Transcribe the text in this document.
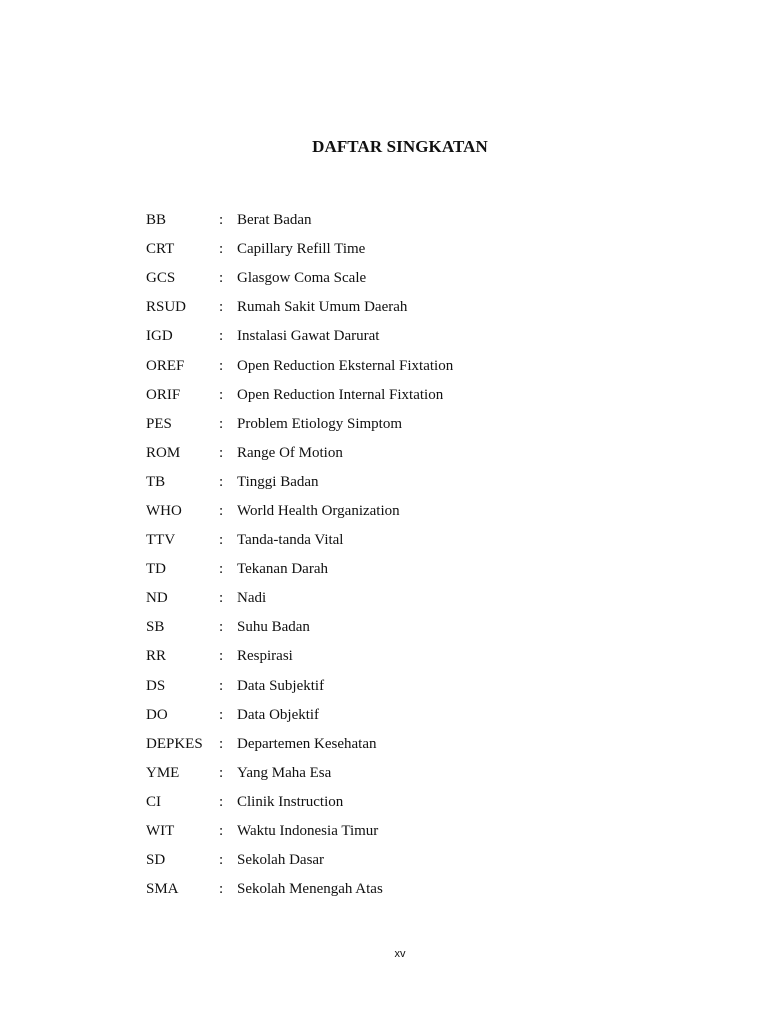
DAFTAR SINGKATAN
BB	: Berat Badan
CRT	: Capillary Refill Time
GCS	: Glasgow Coma Scale
RSUD	: Rumah Sakit Umum Daerah
IGD	: Instalasi Gawat Darurat
OREF	: Open Reduction Eksternal Fixtation
ORIF	: Open Reduction Internal Fixtation
PES	: Problem Etiology Simptom
ROM	: Range Of Motion
TB	: Tinggi Badan
WHO	: World Health Organization
TTV	: Tanda-tanda Vital
TD	: Tekanan Darah
ND	: Nadi
SB	: Suhu Badan
RR	: Respirasi
DS	: Data Subjektif
DO	: Data Objektif
DEPKES	: Departemen Kesehatan
YME	: Yang Maha Esa
CI	: Clinik Instruction
WIT	: Waktu Indonesia Timur
SD	: Sekolah Dasar
SMA	: Sekolah Menengah Atas
xv
